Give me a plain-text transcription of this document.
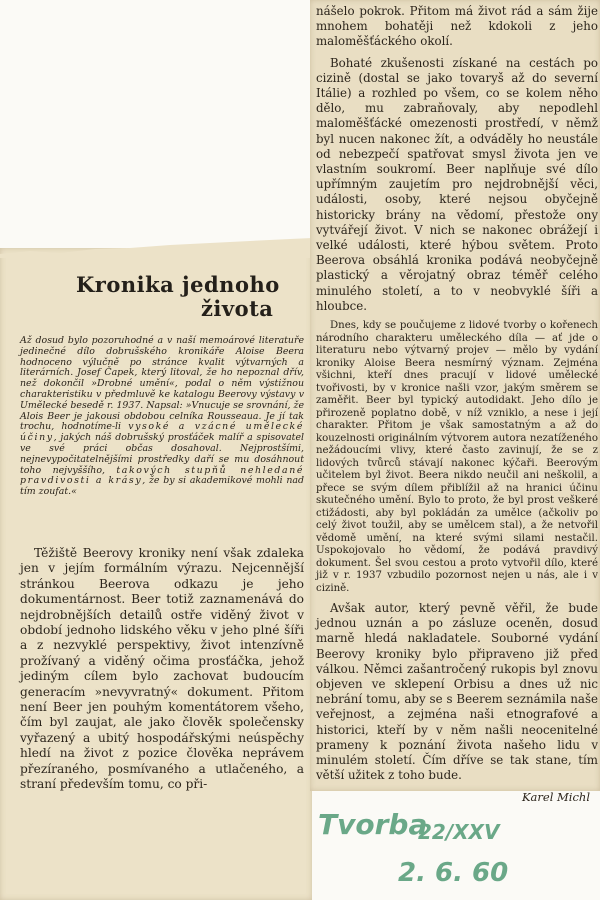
Kronika jednoho
života

Až dosud bylo pozoruhodné a v naší memoárové literatuře jedinečné dílo dobrušského kronikáře Aloise Beera hodnoceno výlučně po stránce kvalit výtvarných a literárních. Josef Čapek, který litoval, že ho nepoznal dřív, než dokončil »Drobné umění«, podal o něm výstižnou charakteristiku v předmluvě ke katalogu Beerovy výstavy v Umělecké besedě r. 1937. Napsal: »Vnucuje se srovnání, že Alois Beer je jakousi obdobou celníka Rousseaua. Je jí tak trochu, hodnotíme-li vysoké a vzácné umělecké účiny, jakých náš dobrušský prosťáček malíř a spisovatel ve své práci občas dosahoval. Nejprostšími, nejnevypočitatelnějšími prostředky daří se mu dosáhnout toho nejvyššího, takových stupňů nehledané pravdivosti a krásy, že by si akademikové mohli nad tím zoufat.«

Těžiště Beerovy kroniky není však zdaleka jen v jejím formálním výrazu. Nejcennější stránkou Beerova odkazu je jeho dokumentárnost. Beer totiž zaznamenává do nejdrobnějších detailů ostře viděný život v období jednoho lidského věku v jeho plné šíři a z nezvyklé perspektivy, život intenzívně prožívaný a viděný očima prosťáčka, jehož jediným cílem bylo zachovat budoucím generacím »nevyvratný« dokument. Přitom není Beer jen pouhým komentátorem všeho, čím byl zaujat, ale jako člověk společensky vyřazený a ubitý hospodářskými neúspěchy hledí na život z pozice člověka neprávem přezíraného, posmívaného a utlačeného, a straní především tomu, co při-

nášelo pokrok. Přitom má život rád a sám žije mnohem bohatěji než kdokoli z jeho maloměšťáckého okolí.

Bohaté zkušenosti získané na cestách po cizině (dostal se jako tovaryš až do severní Itálie) a rozhled po všem, co se kolem něho dělo, mu zabraňovaly, aby nepodlehl maloměšťácké omezenosti prostředí, v němž byl nucen nakonec žít, a odváděly ho neustále od nebezpečí spatřovat smysl života jen ve vlastním soukromí. Beer naplňuje své dílo upřímným zaujetím pro nejdrobnější věci, události, osoby, které nejsou obyčejně historicky brány na vědomí, přestože ony vytvářejí život. V nich se nakonec obrážejí i velké události, které hýbou světem. Proto Beerova obsáhlá kronika podává neobyčejně plastický a věrojatný obraz téměř celého minulého století, a to v neobvyklé šíři a hloubce.

Dnes, kdy se poučujeme z lidové tvorby o kořenech národního charakteru uměleckého díla — ať jde o literaturu nebo výtvarný projev — mělo by vydání kroniky Aloise Beera nesmírný význam. Zejména všichni, kteří dnes pracují v lidové umělecké tvořivosti, by v kronice našli vzor, jakým směrem se zaměřit. Beer byl typický autodidakt. Jeho dílo je přirozeně poplatno době, v níž vzniklo, a nese i její charakter. Přitom je však samostatným a až do kouzelnosti originálním výtvorem autora nezatíženého nežádoucími vlivy, které často zavinují, že se z lidových tvůrců stávají nakonec kýčaři. Beerovým učitelem byl život. Beera nikdo neučil ani neškolil, a přece se svým dílem přiblížil až na hranici účinu skutečného umění. Bylo to proto, že byl prost veškeré ctižádosti, aby byl pokládán za umělce (ačkoliv po celý život toužil, aby se umělcem stal), a že netvořil vědomě umění, na které svými silami nestačil. Uspokojovalo ho vědomí, že podává pravdivý dokument. Šel svou cestou a proto vytvořil dílo, které již v r. 1937 vzbudilo pozornost nejen u nás, ale i v cizině.

Avšak autor, který pevně věřil, že bude jednou uznán a po zásluze oceněn, dosud marně hledá nakladatele. Souborné vydání Beerovy kroniky bylo připraveno již před válkou. Němci zašantročený rukopis byl znovu objeven ve sklepení Orbisu a dnes už nic nebrání tomu, aby se s Beerem seznámila naše veřejnost, a zejména naši etnografové a historici, kteří by v něm našli neocenitelné prameny k poznání života našeho lidu v minulém století. Čím dříve se tak stane, tím větší užitek z toho bude.

Karel Michl

Tvorba

22/XXV

2. 6. 60
